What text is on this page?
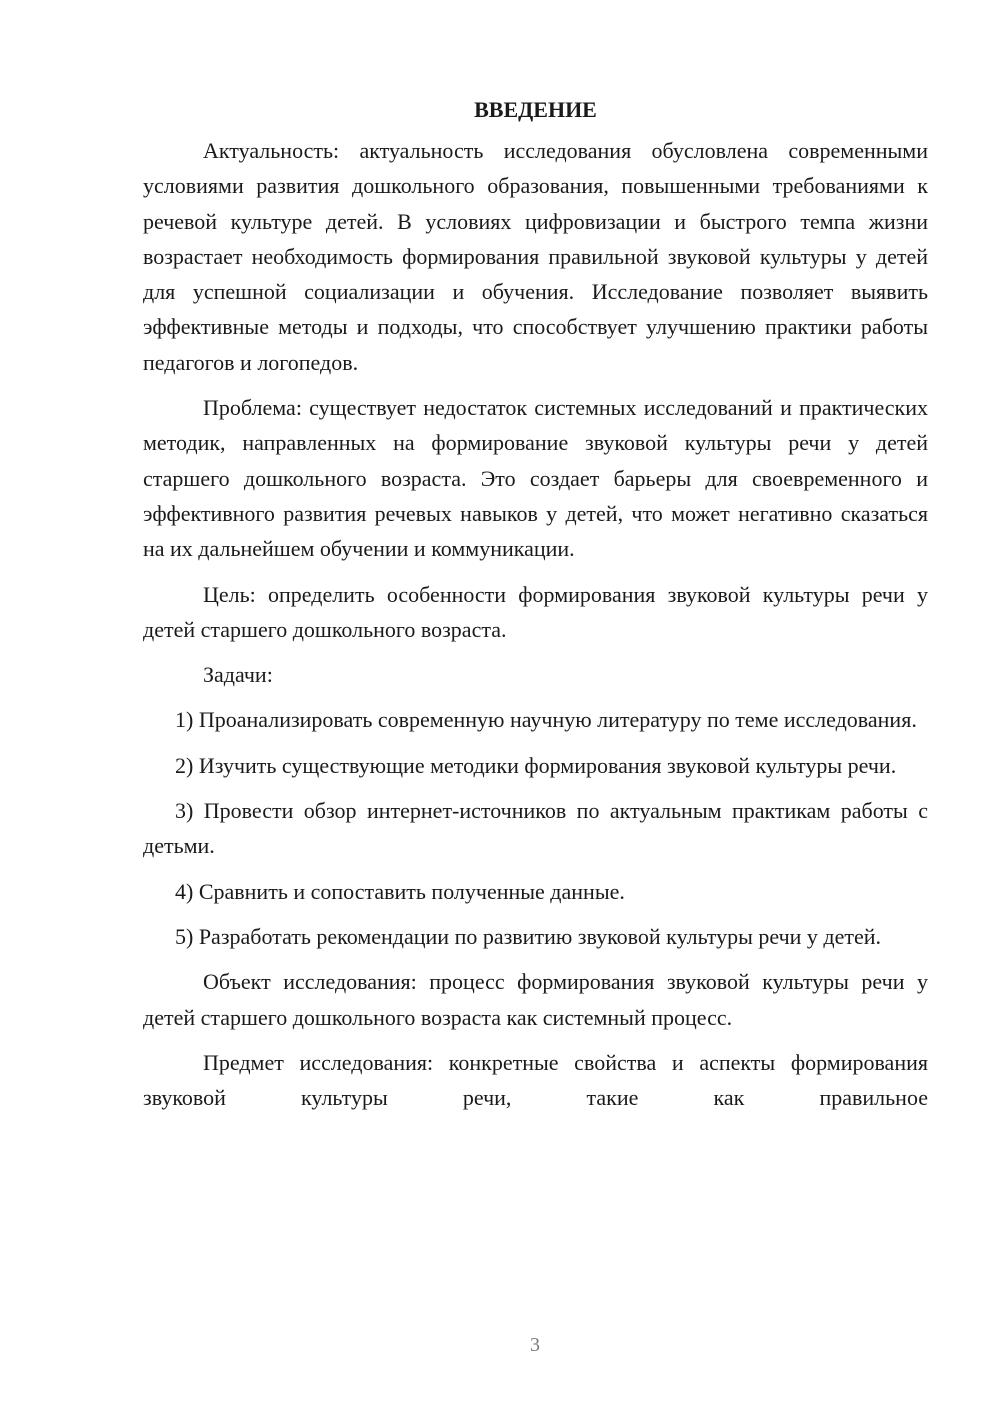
ВВЕДЕНИЕ

Актуальность: актуальность исследования обусловлена современными условиями развития дошкольного образования, повышенными требованиями к речевой культуре детей. В условиях цифровизации и быстрого темпа жизни возрастает необходимость формирования правильной звуковой культуры у детей для успешной социализации и обучения. Исследование позволяет выявить эффективные методы и подходы, что способствует улучшению практики работы педагогов и логопедов.

Проблема: существует недостаток системных исследований и практических методик, направленных на формирование звуковой культуры речи у детей старшего дошкольного возраста. Это создает барьеры для своевременного и эффективного развития речевых навыков у детей, что может негативно сказаться на их дальнейшем обучении и коммуникации.

Цель: определить особенности формирования звуковой культуры речи у детей старшего дошкольного возраста.

Задачи:

1) Проанализировать современную научную литературу по теме исследования.

2) Изучить существующие методики формирования звуковой культуры речи.

3) Провести обзор интернет-источников по актуальным практикам работы с детьми.

4) Сравнить и сопоставить полученные данные.

5) Разработать рекомендации по развитию звуковой культуры речи у детей.

Объект исследования: процесс формирования звуковой культуры речи у детей старшего дошкольного возраста как системный процесс.

Предмет исследования: конкретные свойства и аспекты формирования звуковой культуры речи, такие как правильное

3
